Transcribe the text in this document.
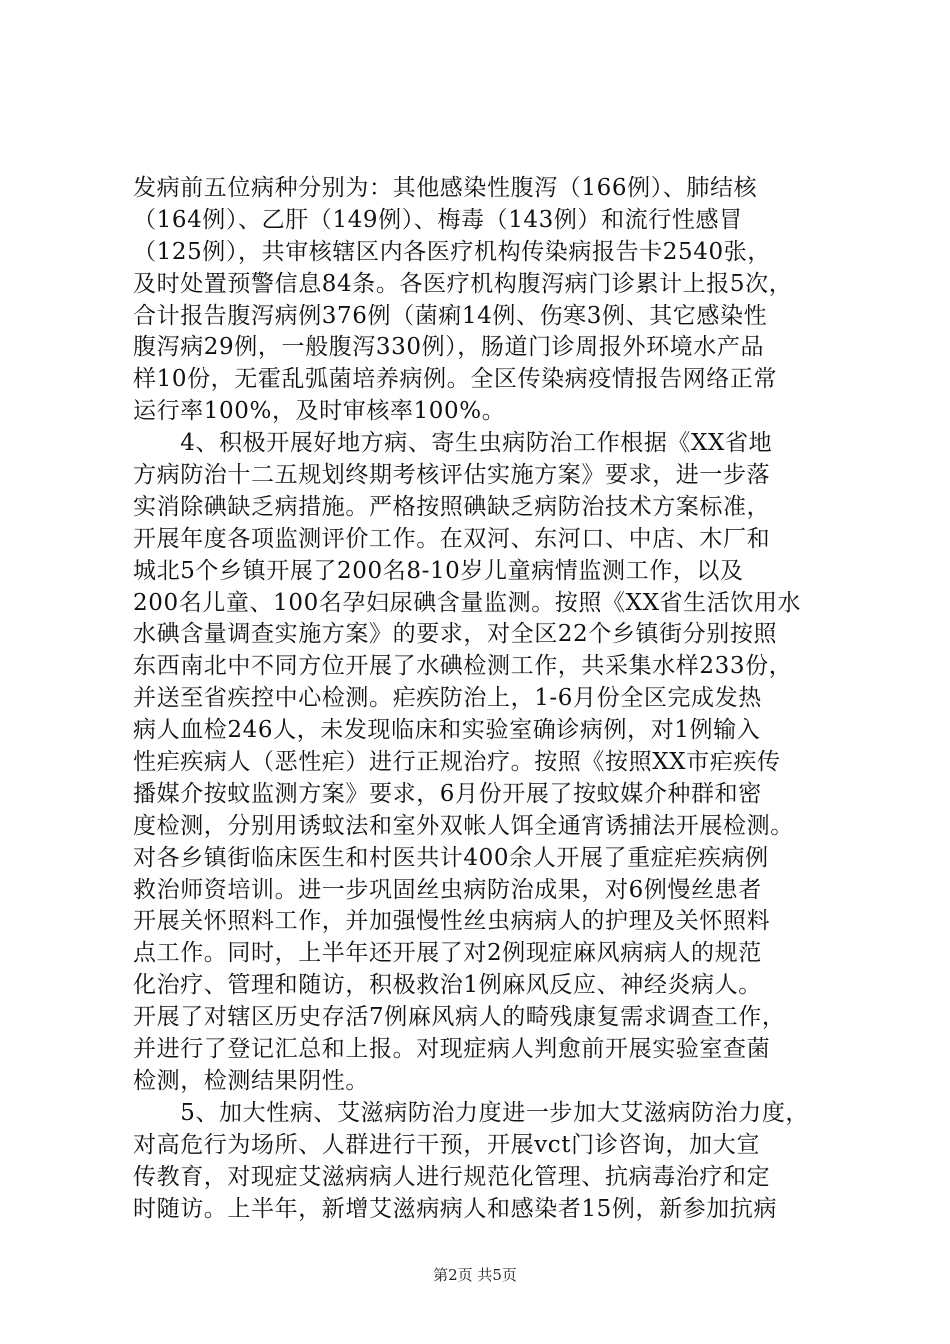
发病前五位病种分别为：其他感染性腹泻（166例）、肺结核
（164例）、乙肝（149例）、梅毒（143例）和流行性感冒
（125例），共审核辖区内各医疗机构传染病报告卡2540张，
及时处置预警信息84条。各医疗机构腹泻病门诊累计上报5次，
合计报告腹泻病例376例（菌痢14例、伤寒3例、其它感染性
腹泻病29例，一般腹泻330例），肠道门诊周报外环境水产品
样10份，无霍乱弧菌培养病例。全区传染病疫情报告网络正常
运行率100%，及时审核率100%。
　　4、积极开展好地方病、寄生虫病防治工作根据《XX省地
方病防治十二五规划终期考核评估实施方案》要求，进一步落
实消除碘缺乏病措施。严格按照碘缺乏病防治技术方案标准，
开展年度各项监测评价工作。在双河、东河口、中店、木厂和
城北5个乡镇开展了200名8-10岁儿童病情监测工作，以及
200名儿童、100名孕妇尿碘含量监测。按照《XX省生活饮用水
水碘含量调查实施方案》的要求，对全区22个乡镇街分别按照
东西南北中不同方位开展了水碘检测工作，共采集水样233份，
并送至省疾控中心检测。疟疾防治上，1-6月份全区完成发热
病人血检246人，未发现临床和实验室确诊病例，对1例输入
性疟疾病人（恶性疟）进行正规治疗。按照《按照XX市疟疾传
播媒介按蚊监测方案》要求，6月份开展了按蚊媒介种群和密
度检测，分别用诱蚊法和室外双帐人饵全通宵诱捕法开展检测。
对各乡镇街临床医生和村医共计400余人开展了重症疟疾病例
救治师资培训。进一步巩固丝虫病防治成果，对6例慢丝患者
开展关怀照料工作，并加强慢性丝虫病病人的护理及关怀照料
点工作。同时，上半年还开展了对2例现症麻风病病人的规范
化治疗、管理和随访，积极救治1例麻风反应、神经炎病人。
开展了对辖区历史存活7例麻风病人的畸残康复需求调查工作，
并进行了登记汇总和上报。对现症病人判愈前开展实验室查菌
检测，检测结果阴性。
　　5、加大性病、艾滋病防治力度进一步加大艾滋病防治力度，
对高危行为场所、人群进行干预，开展vct门诊咨询，加大宣
传教育，对现症艾滋病病人进行规范化管理、抗病毒治疗和定
时随访。上半年，新增艾滋病病人和感染者15例，新参加抗病
第2页 共5页
